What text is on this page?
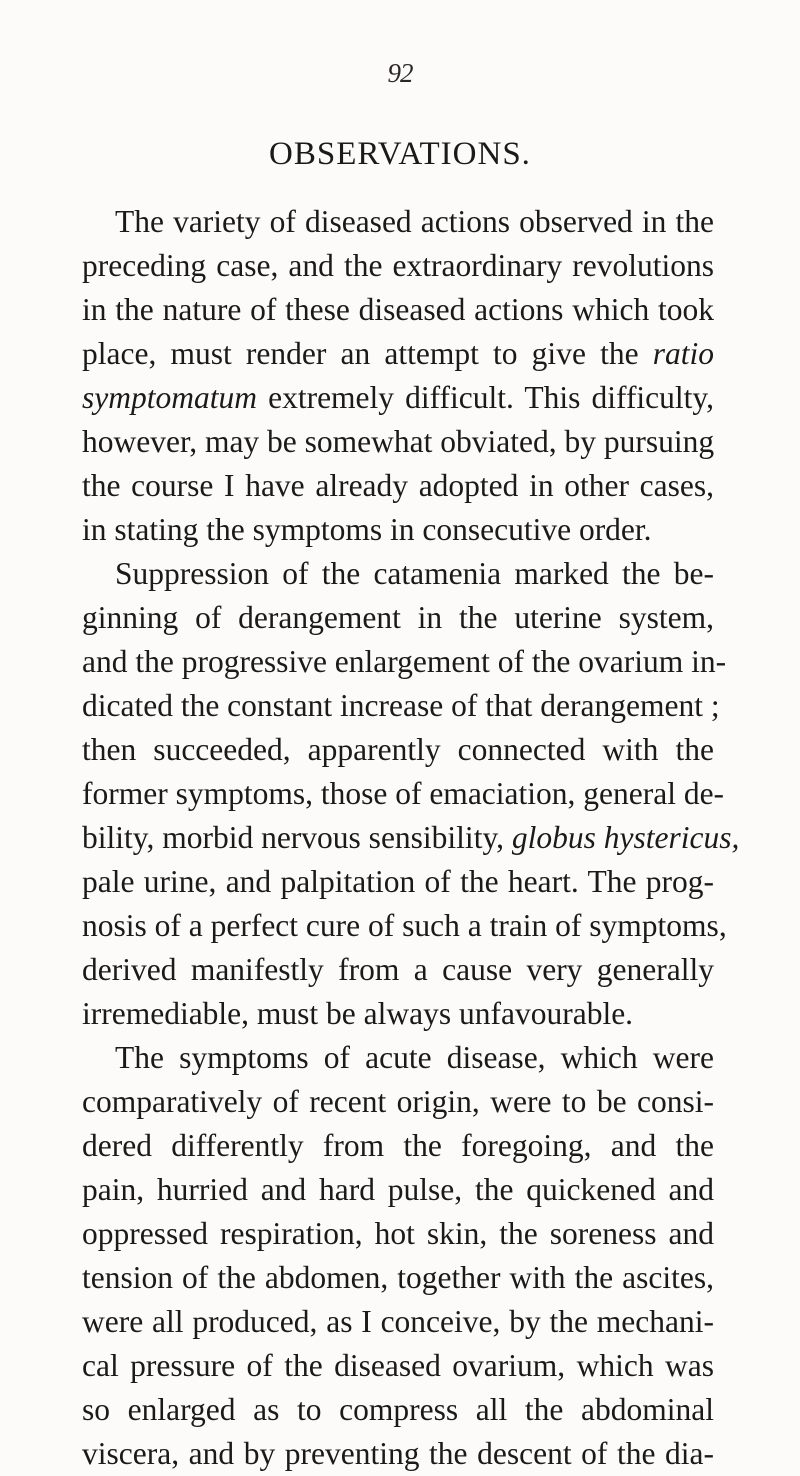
92
OBSERVATIONS.
The variety of diseased actions observed in the
preceding case, and the extraordinary revolutions
in the nature of these diseased actions which took
place, must render an attempt to give the ratio
symptomatum extremely difficult. This difficulty,
however, may be somewhat obviated, by pursuing
the course I have already adopted in other cases,
in stating the symptoms in consecutive order.
Suppression of the catamenia marked the be-
ginning of derangement in the uterine system,
and the progressive enlargement of the ovarium in-
dicated the constant increase of that derangement ;
then succeeded, apparently connected with the
former symptoms, those of emaciation, general de-
bility, morbid nervous sensibility, globus hystericus,
pale urine, and palpitation of the heart. The prog-
nosis of a perfect cure of such a train of symptoms,
derived manifestly from a cause very generally
irremediable, must be always unfavourable.
The symptoms of acute disease, which were
comparatively of recent origin, were to be consi-
dered differently from the foregoing, and the
pain, hurried and hard pulse, the quickened and
oppressed respiration, hot skin, the soreness and
tension of the abdomen, together with the ascites,
were all produced, as I conceive, by the mechani-
cal pressure of the diseased ovarium, which was
so enlarged as to compress all the abdominal
viscera, and by preventing the descent of the dia-
